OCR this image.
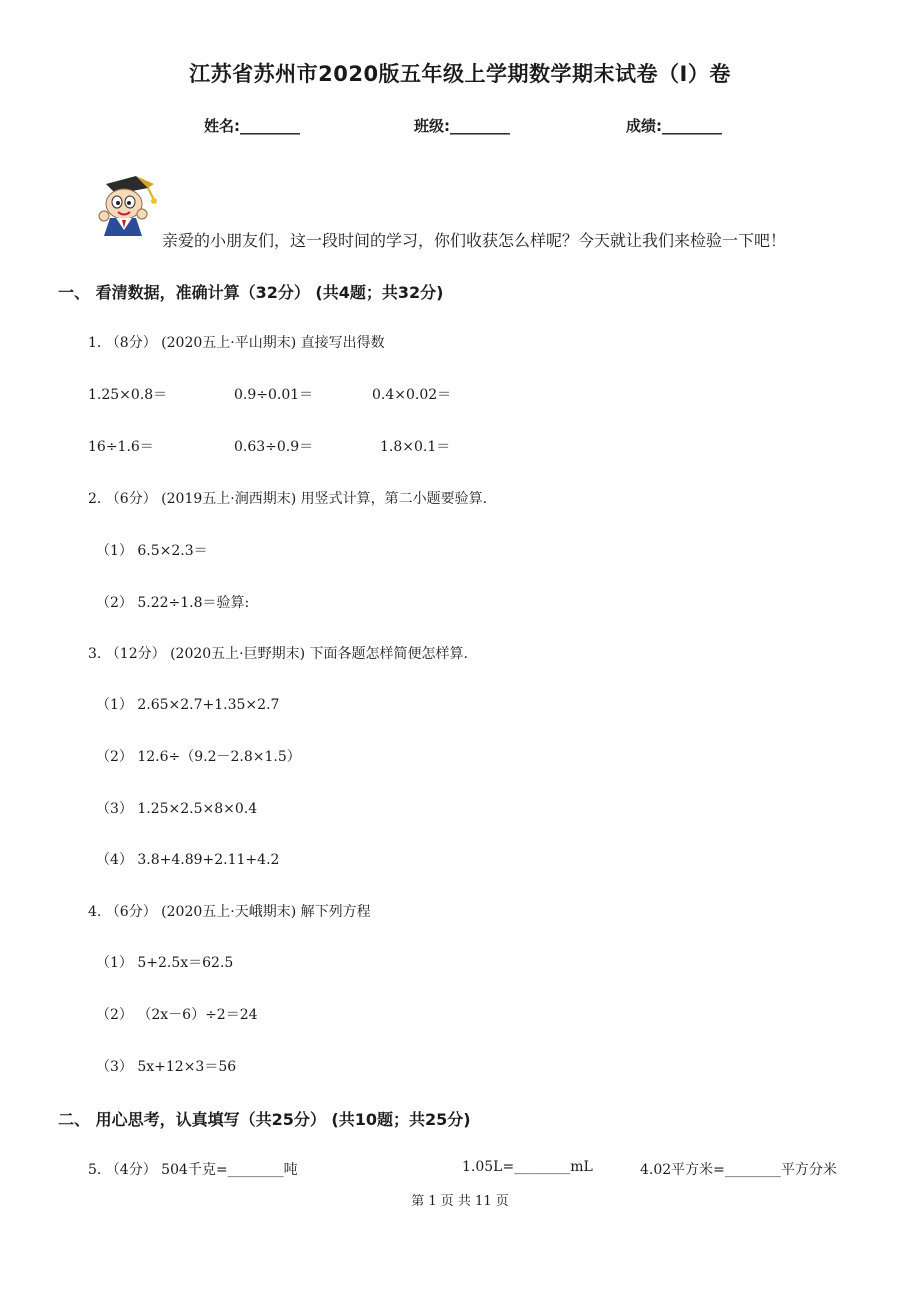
江苏省苏州市2020版五年级上学期数学期末试卷（I）卷
姓名:________	班级:________	成绩:________
亲爱的小朋友们，这一段时间的学习，你们收获怎么样呢？今天就让我们来检验一下吧！
一、 看清数据，准确计算（32分） (共4题；共32分)
1. （8分） (2020五上·平山期末) 直接写出得数
1.25×0.8＝	0.9÷0.01＝	0.4×0.02＝
16÷1.6＝	0.63÷0.9＝	1.8×0.1＝
2. （6分） (2019五上·涧西期末) 用竖式计算，第二小题要验算.
（1） 6.5×2.3＝
（2） 5.22÷1.8＝验算:
3. （12分） (2020五上·巨野期末) 下面各题怎样简便怎样算.
（1） 2.65×2.7+1.35×2.7
（2） 12.6÷（9.2－2.8×1.5）
（3） 1.25×2.5×8×0.4
（4） 3.8+4.89+2.11+4.2
4. （6分） (2020五上·天峨期末) 解下列方程
（1） 5+2.5x＝62.5
（2） （2x－6）÷2＝24
（3） 5x+12×3＝56
二、 用心思考，认真填写（共25分） (共10题；共25分)
5. （4分） 504千克=________吨	1.05L=________mL	4.02平方米=________平方分米
第 1 页 共 11 页
